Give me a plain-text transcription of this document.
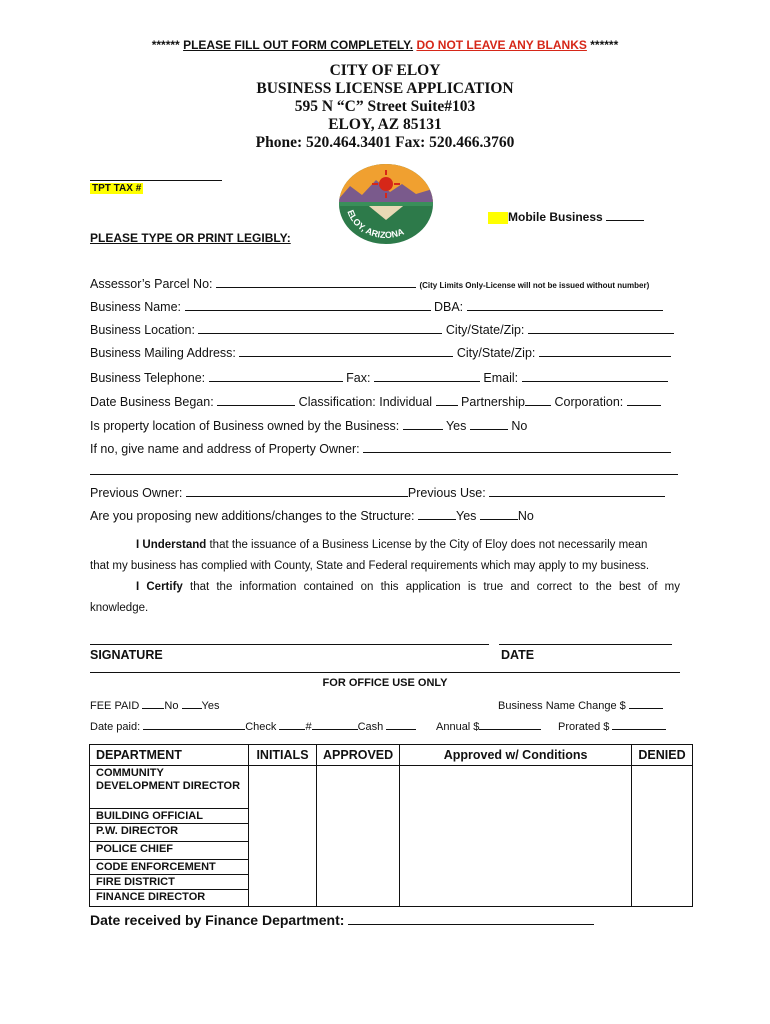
****** PLEASE FILL OUT FORM COMPLETELY. DO NOT LEAVE ANY BLANKS ******
CITY OF ELOY
BUSINESS LICENSE APPLICATION
595 N “C” Street Suite#103
ELOY, AZ 85131
Phone: 520.464.3401 Fax: 520.466.3760
ELOY, ARIZONA
TPT TAX #
Mobile Business
PLEASE TYPE OR PRINT LEGIBLY:
Assessor’s Parcel No:	(City Limits Only-License will not be issued without number)
Business Name:	DBA:
Business Location:	City/State/Zip:
Business Mailing Address:	City/State/Zip:
Business Telephone:	Fax:	Email:
Date Business Began:	Classification: Individual Partnership Corporation:
Is property location of Business owned by the Business:	Yes	No
If no, give name and address of Property Owner:
Previous Owner:	Previous Use:
Are you proposing new additions/changes to the Structure:	Yes	No
I Understand that the issuance of a Business License by the City of Eloy does not necessarily mean
that my business has complied with County, State and Federal requirements which may apply to my business.
I Certify that the information contained on this application is true and correct to the best of my
knowledge.
SIGNATURE	DATE
FOR OFFICE USE ONLY
FEE PAID No Yes	Business Name Change $
Date paid:	Check	#	Cash	Annual $	Prorated $
DEPARTMENT	INITIALS	APPROVED	Approved w/ Conditions	DENIED
COMMUNITY DEVELOPMENT DIRECTOR				
BUILDING OFFICIAL				
P.W. DIRECTOR				
POLICE CHIEF				
CODE ENFORCEMENT				
FIRE DISTRICT				
FINANCE DIRECTOR				
Date received by Finance Department:
